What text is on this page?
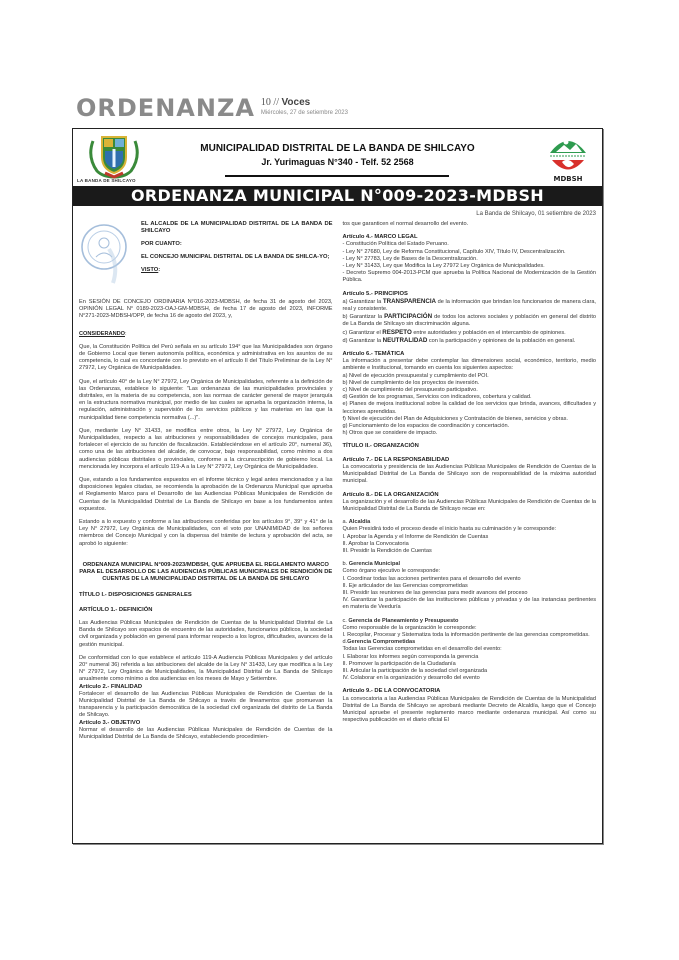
ORDENANZA 10 // Voces
Miércoles, 27 de setiembre 2023
LA BANDA DE SHILCAYO
MUNICIPALIDAD DISTRITAL DE LA BANDA DE SHILCAYO
Jr. Yurimaguas N°340 - Telf. 52 2568
MDBSH
ORDENANZA MUNICIPAL N°009-2023-MDBSH
La Banda de Shilcayo, 01 setiembre de 2023
EL ALCALDE DE LA MUNICIPALIDAD DISTRITAL DE LA BANDA DE SHILCAYO
POR CUANTO:
EL CONCEJO MUNICIPAL DISTRITAL DE LA BANDA DE SHILCA-YO;
VISTO:

En SESIÓN DE CONCEJO ORDINARIA N°016-2023-MDBSH, de fecha 31 de agosto del 2023, OPINIÓN LEGAL N° 0189-2023-OAJ-GM-MDBSH, de fecha 17 de agosto del 2023, INFORME N°271-2023-MDBSH/OPP, de fecha 16 de agosto del 2023, y,

CONSIDERANDO:

Que, la Constitución Política del Perú señala en su artículo 194° que las Municipalidades son órgano de Gobierno Local que tienen autonomía política, económica y administrativa en los asuntos de su competencia, lo cual es concordante con lo previsto en el artículo II del Título Preliminar de la Ley N° 27972, Ley Orgánica de Municipalidades.

Que, el artículo 40° de la Ley N° 27972, Ley Orgánica de Municipalidades, referente a la definición de las Ordenanzas, establece lo siguiente: "Las ordenanzas de las municipalidades provinciales y distritales, en la materia de su competencia, son las normas de carácter general de mayor jerarquía en la estructura normativa municipal, por medio de las cuales se aprueba la organización interna, la regulación, administración y supervisión de los servicios públicos y las materias en las que la municipalidad tiene competencia normativa (...)".

Que, mediante Ley N° 31433, se modifica entre otros, la Ley N° 27972, Ley Orgánica de Municipalidades, respecto a las atribuciones y responsabilidades de concejos municipales, para fortalecer el ejercicio de su función de fiscalización. Estableciéndose en el artículo 20°, numeral 36), como una de las atribuciones del alcalde, de convocar, bajo responsabilidad, como mínimo a dos audiencias públicas distritales o provinciales, conforme a la circunscripción de gobierno local. La mencionada ley incorpora el artículo 119-A a la Ley N° 27972, Ley Orgánica de Municipalidades.

Que, estando a los fundamentos expuestos en el informe técnico y legal antes mencionados y a las disposiciones legales citadas, se recomienda la aprobación de la Ordenanza Municipal que aprueba el Reglamento Marco para el Desarrollo de las Audiencias Públicas Municipales de Rendición de Cuentas de la Municipalidad Distrital de La Banda de Shilcayo en base a los fundamentos antes expuestos.

Estando a lo expuesto y conforme a las atribuciones conferidas por los artículos 9°, 39° y 41° de la Ley N° 27972, Ley Orgánica de Municipalidades, con el voto por UNANIMIDAD de los señores miembros del Concejo Municipal y con la dispensa del trámite de lectura y aprobación del acta, se aprobó lo siguiente:

ORDENANZA MUNICIPAL N°009-2023/MDBSH, QUE APRUEBA EL REGLAMENTO MARCO PARA EL DESARROLLO DE LAS AUDIENCIAS PÚBLICAS MUNICIPALES DE RENDICIÓN DE CUENTAS DE LA MUNICIPALIDAD DISTRITAL DE LA BANDA DE SHILCAYO

TÍTULO I.- DISPOSICIONES GENERALES

ARTÍCULO 1.- DEFINICIÓN

Las Audiencias Públicas Municipales de Rendición de Cuentas de la Municipalidad Distrital de La Banda de Shilcayo son espacios de encuentro de las autoridades, funcionarios públicos, la sociedad civil organizada y población en general para informar respecto a los logros, dificultades, avances de la gestión municipal.

De conformidad con lo que establece el artículo 119-A Audiencia Públicas Municipales y del artículo 20° numeral 36) referida a las atribuciones del alcalde de la Ley N° 31433, Ley que modifica a la Ley N° 27972, Ley Orgánica de Municipalidades, la Municipalidad Distrital de La Banda de Shilcayo anualmente como mínimo a dos audiencias en los meses de Mayo y Setiembre.

Artículo 2.- FINALIDAD

Fortalecer el desarrollo de las Audiencias Públicas Municipales de Rendición de Cuentas de la Municipalidad Distrital de La Banda de Shilcayo a través de lineamentos que promuevan la transparencia y la participación democrática de la sociedad civil organizada del distrito de La Banda de Shilcayo.

Artículo 3.- OBJETIVO

Normar el desarrollo de las Audiencias Públicas Municipales de Rendición de Cuentas de la Municipalidad Distrital de La Banda de Shilcayo, estableciendo procedimien-

tos que garanticen el normal desarrollo del evento.

Artículo 4.- MARCO LEGAL
- Constitución Política del Estado Peruano.
- Ley N° 27680, Ley de Reforma Constitucional, Capítulo XIV, Título IV, Descentralización.
- Ley N° 27783, Ley de Bases de la Descentralización.
- Ley N° 31433, Ley que Modifica la Ley 27972 Ley Orgánica de Municipalidades.
- Decreto Supremo 004-2013-PCM que aprueba la Política Nacional de Modernización de la Gestión Pública.
Artículo 5.- PRINCIPIOS
a) Garantizar la TRANSPARENCIA de la información que brindan los funcionarios de manera clara, real y consistente.
b) Garantizar la PARTICIPACIÓN de todos los actores sociales y población en general del distrito de La Banda de Shilcayo sin discriminación alguna.
c) Garantizar el RESPETO entre autoridades y población en el intercambio de opiniones.
d) Garantizar la NEUTRALIDAD con la participación y opiniones de la población en general.
Artículo 6.- TEMÁTICA
La información a presentar debe contemplar las dimensiones social, económico, territorio, medio ambiente e Institucional, tomando en cuenta los siguientes aspectos:
a) Nivel de ejecución presupuestal y cumplimiento del POI.
b) Nivel de cumplimiento de los proyectos de inversión.
c) Nivel de cumplimiento del presupuesto participativo.
d) Gestión de los programas, Servicios con indicadores, cobertura y calidad.
e) Planes de mejora institucional sobre la calidad de los servicios que brinda, avances, dificultades y lecciones aprendidas.
f) Nivel de ejecución del Plan de Adquisiciones y Contratación de bienes, servicios y obras.
g) Funcionamiento de los espacios de coordinación y concertación.
h) Otros que se considere de impacto.
TÍTULO II.- ORGANIZACIÓN
Artículo 7.- DE LA RESPONSABILIDAD

La convocatoria y presidencia de las Audiencias Públicas Municipales de Rendición de Cuentas de la Municipalidad Distrital de La Banda de Shilcayo son de responsabilidad de la máxima autoridad municipal.

Artículo 8.- DE LA ORGANIZACIÓN

La organización y el desarrollo de las Audiencias Públicas Municipales de Rendición de Cuentas de la Municipalidad Distrital de La Banda de Shilcayo recae en:

a. Alcaldía
Quien Presidirá todo el proceso desde el inicio hasta su culminación y le corresponde:
I. Aprobar la Agenda y el Informe de Rendición de Cuentas
II. Aprobar la Convocatoria
III. Presidir la Rendición de Cuentas
b. Gerencia Municipal
Como órgano ejecutivo le corresponde:
I. Coordinar todas las acciones pertinentes para el desarrollo del evento
II. Eje articulador de las Gerencias comprometidas
III. Presidir las reuniones de las gerencias para medir avances del proceso
IV. Garantizar la participación de las instituciones públicas y privadas y de las instancias pertinentes en materia de Veeduría
c. Gerencia de Planeamiento y Presupuesto
Como responsable de la organización le corresponde:
I. Recopilar, Procesar y Sistematiza toda la información pertinente de las gerencias comprometidas.
d.Gerencia Comprometidas
Todas las Gerencias comprometidas en el desarrollo del evento:
I. Elaborar los informes según corresponda la gerencia
II. Promover la participación de la Ciudadanía
III. Articular la participación de la sociedad civil organizada
IV. Colaborar en la organización y desarrollo del evento
Artículo 9.- DE LA CONVOCATORIA

La convocatoria a las Audiencias Públicas Municipales de Rendición de Cuentas de la Municipalidad Distrital de La Banda de Shilcayo se aprobará mediante Decreto de Alcaldía, luego que el Concejo Municipal apruebe el presente reglamento marco mediante ordenanza municipal. Así como su respectiva publicación en el diario oficial El
